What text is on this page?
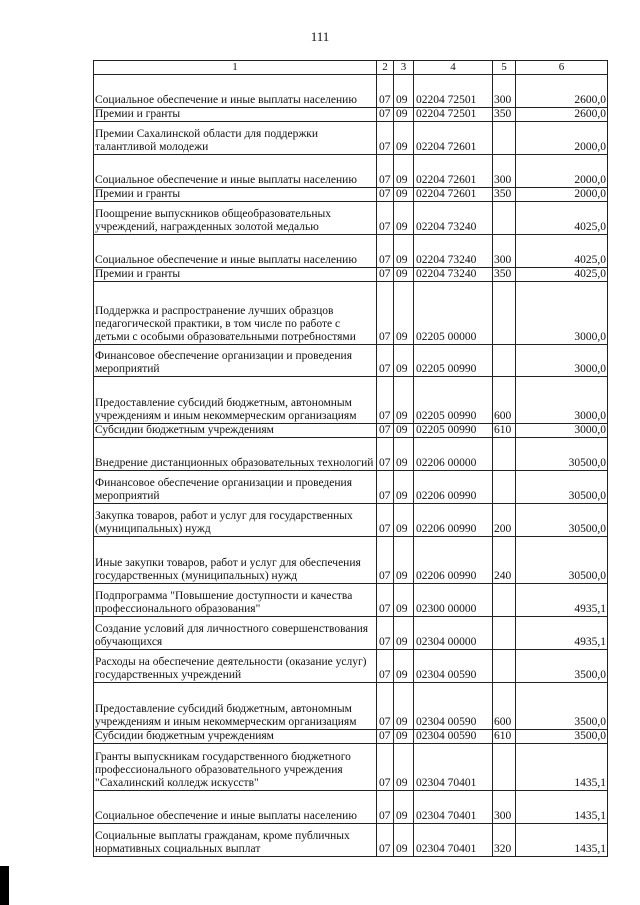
111
1	2	3	4	5	6
Социальное обеспечение и иные выплаты населению	07	09	02204 72501	300	2600,0
Премии и гранты	07	09	02204 72501	350	2600,0
Премии Сахалинской области для поддержки талантливой молодежи	07	09	02204 72601		2000,0
Социальное обеспечение и иные выплаты населению	07	09	02204 72601	300	2000,0
Премии и гранты	07	09	02204 72601	350	2000,0
Поощрение выпускников общеобразовательных учреждений, награжденных золотой медалью	07	09	02204 73240		4025,0
Социальное обеспечение и иные выплаты населению	07	09	02204 73240	300	4025,0
Премии и гранты	07	09	02204 73240	350	4025,0
Поддержка и распространение лучших образцов педагогической практики, в том числе по работе с детьми с особыми образовательными потребностями	07	09	02205 00000		3000,0
Финансовое обеспечение организации и проведения мероприятий	07	09	02205 00990		3000,0
Предоставление субсидий бюджетным, автономным учреждениям и иным некоммерческим организациям	07	09	02205 00990	600	3000,0
Субсидии бюджетным учреждениям	07	09	02205 00990	610	3000,0
Внедрение дистанционных образовательных технологий	07	09	02206 00000		30500,0
Финансовое обеспечение организации и проведения мероприятий	07	09	02206 00990		30500,0
Закупка товаров, работ и услуг для государственных (муниципальных) нужд	07	09	02206 00990	200	30500,0
Иные закупки товаров, работ и услуг для обеспечения государственных (муниципальных) нужд	07	09	02206 00990	240	30500,0
Подпрограмма "Повышение доступности и качества профессионального образования"	07	09	02300 00000		4935,1
Создание условий для личностного совершенствования обучающихся	07	09	02304 00000		4935,1
Расходы на обеспечение деятельности (оказание услуг) государственных учреждений	07	09	02304 00590		3500,0
Предоставление субсидий бюджетным, автономным учреждениям и иным некоммерческим организациям	07	09	02304 00590	600	3500,0
Субсидии бюджетным учреждениям	07	09	02304 00590	610	3500,0
Гранты выпускникам государственного бюджетного профессионального образовательного учреждения "Сахалинский колледж искусств"	07	09	02304 70401		1435,1
Социальное обеспечение и иные выплаты населению	07	09	02304 70401	300	1435,1
Социальные выплаты гражданам, кроме публичных нормативных социальных выплат	07	09	02304 70401	320	1435,1
